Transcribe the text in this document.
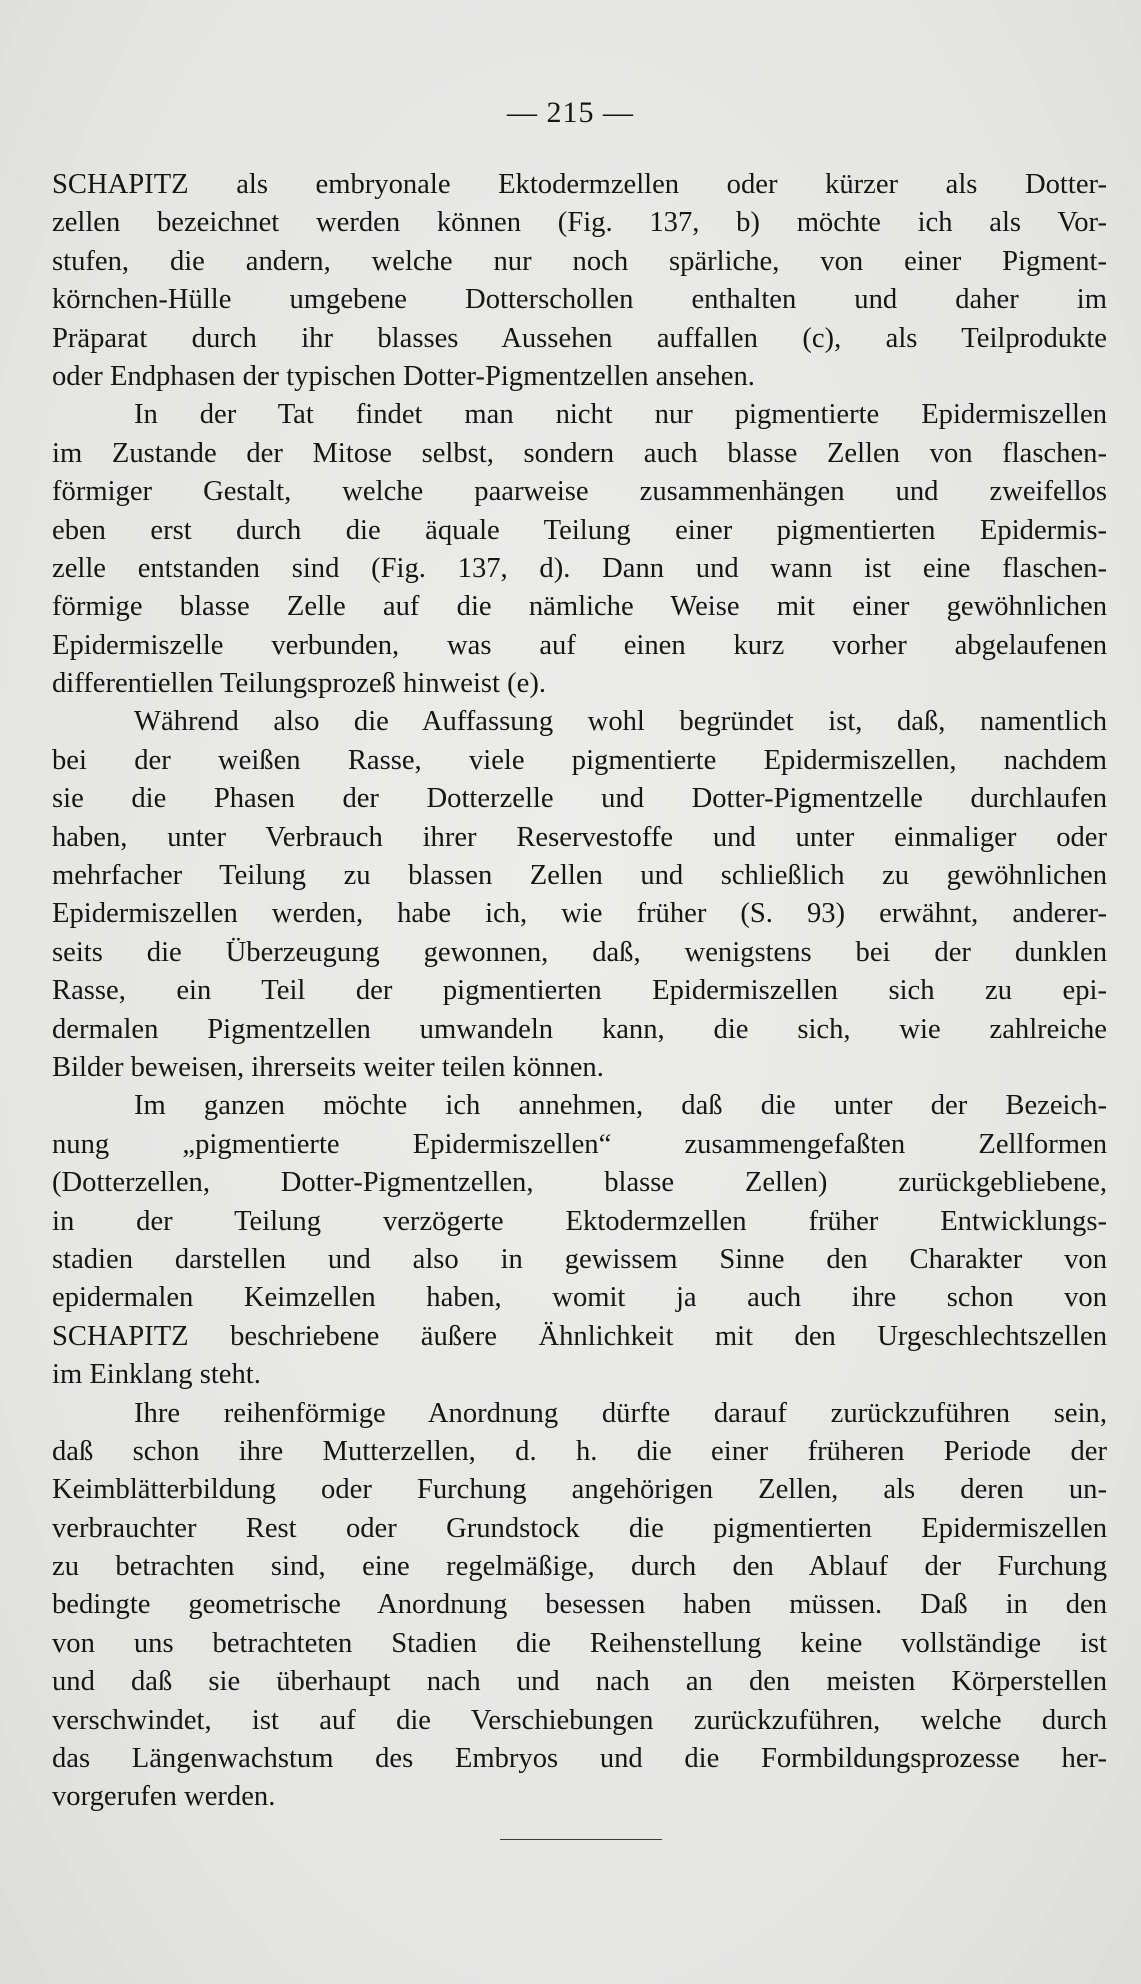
— 215 —
SCHAPITZ als embryonale Ektodermzellen oder kürzer als Dotter-
zellen bezeichnet werden können (Fig. 137, b) möchte ich als Vor-
stufen, die andern, welche nur noch spärliche, von einer Pigment-
körnchen-Hülle umgebene Dotterschollen enthalten und daher im
Präparat durch ihr blasses Aussehen auffallen (c), als Teilprodukte
oder Endphasen der typischen Dotter-Pigmentzellen ansehen.
In der Tat findet man nicht nur pigmentierte Epidermiszellen
im Zustande der Mitose selbst, sondern auch blasse Zellen von flaschen-
förmiger Gestalt, welche paarweise zusammenhängen und zweifellos
eben erst durch die äquale Teilung einer pigmentierten Epidermis-
zelle entstanden sind (Fig. 137, d). Dann und wann ist eine flaschen-
förmige blasse Zelle auf die nämliche Weise mit einer gewöhnlichen
Epidermiszelle verbunden, was auf einen kurz vorher abgelaufenen
differentiellen Teilungsprozeß hinweist (e).
Während also die Auffassung wohl begründet ist, daß, namentlich
bei der weißen Rasse, viele pigmentierte Epidermiszellen, nachdem
sie die Phasen der Dotterzelle und Dotter-Pigmentzelle durchlaufen
haben, unter Verbrauch ihrer Reservestoffe und unter einmaliger oder
mehrfacher Teilung zu blassen Zellen und schließlich zu gewöhnlichen
Epidermiszellen werden, habe ich, wie früher (S. 93) erwähnt, anderer-
seits die Überzeugung gewonnen, daß, wenigstens bei der dunklen
Rasse, ein Teil der pigmentierten Epidermiszellen sich zu epi-
dermalen Pigmentzellen umwandeln kann, die sich, wie zahlreiche
Bilder beweisen, ihrerseits weiter teilen können.
Im ganzen möchte ich annehmen, daß die unter der Bezeich-
nung „pigmentierte Epidermiszellen“ zusammengefaßten Zellformen
(Dotterzellen, Dotter-Pigmentzellen, blasse Zellen) zurückgebliebene,
in der Teilung verzögerte Ektodermzellen früher Entwicklungs-
stadien darstellen und also in gewissem Sinne den Charakter von
epidermalen Keimzellen haben, womit ja auch ihre schon von
SCHAPITZ beschriebene äußere Ähnlichkeit mit den Urgeschlechtszellen
im Einklang steht.
Ihre reihenförmige Anordnung dürfte darauf zurückzuführen sein,
daß schon ihre Mutterzellen, d. h. die einer früheren Periode der
Keimblätterbildung oder Furchung angehörigen Zellen, als deren un-
verbrauchter Rest oder Grundstock die pigmentierten Epidermiszellen
zu betrachten sind, eine regelmäßige, durch den Ablauf der Furchung
bedingte geometrische Anordnung besessen haben müssen. Daß in den
von uns betrachteten Stadien die Reihenstellung keine vollständige ist
und daß sie überhaupt nach und nach an den meisten Körperstellen
verschwindet, ist auf die Verschiebungen zurückzuführen, welche durch
das Längenwachstum des Embryos und die Formbildungsprozesse her-
vorgerufen werden.
